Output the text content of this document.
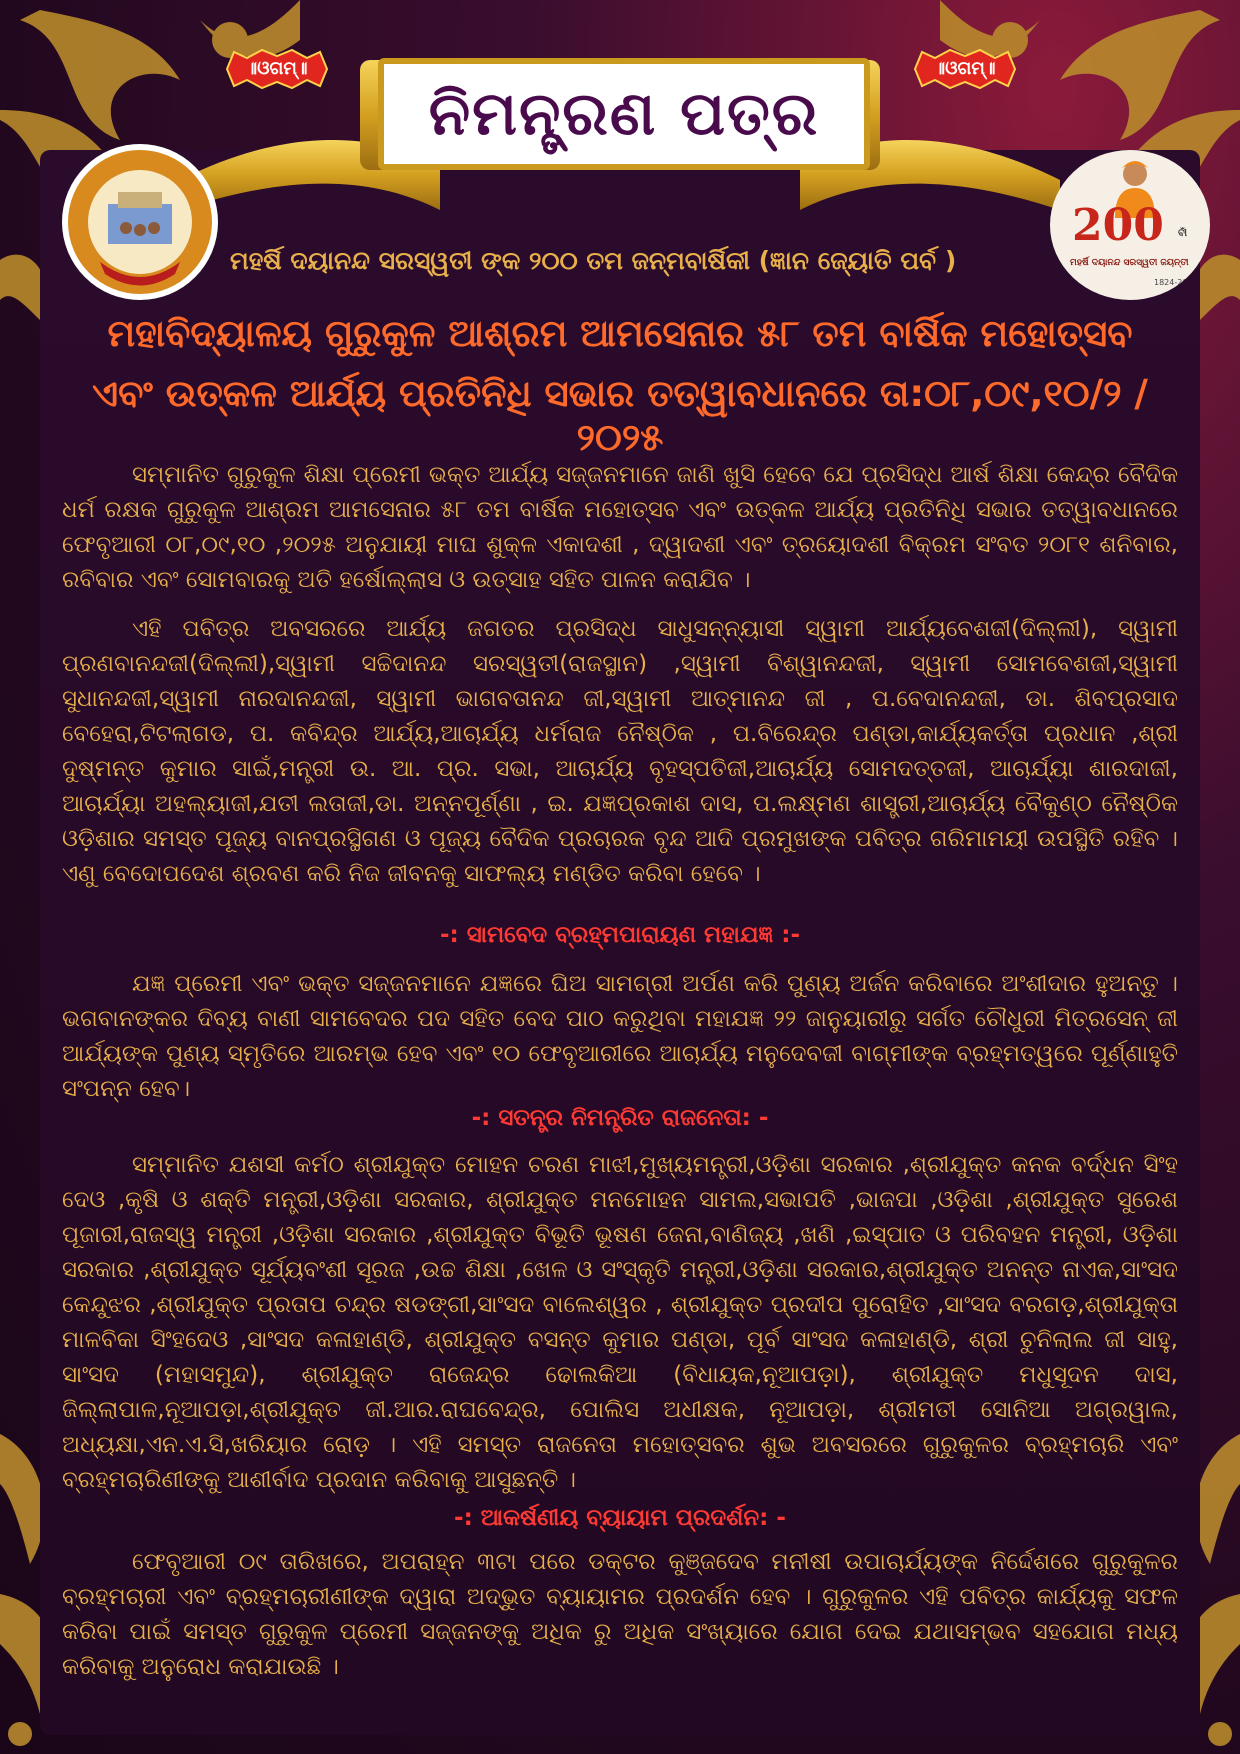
ନିମନ୍ତ୍ରଣ ପତ୍ର
॥ଓଗମ୍॥	॥ଓଗମ୍॥
200 ବୀଁ
ମହର୍ଷି ଦୟାନନ୍ଦ ସରସ୍ୱତୀ ଜୟନ୍ତୀ
1824-2024
ମହର୍ଷି ଦୟାନନ୍ଦ ସରସ୍ୱତୀ ଙ୍କ ୨୦୦ ତମ ଜନ୍ମବାର୍ଷିକୀ (ଜ୍ଞାନ ଜ୍ୟୋତି ପର୍ବ )
ମହାବିଦ୍ୟାଳୟ ଗୁରୁକୁଳ ଆଶ୍ରମ ଆମସେନାର ୫୮ ତମ ବାର୍ଷିକ ମହୋତ୍ସବ
ଏବଂ ଉତ୍କଳ ଆର୍ଯ୍ୟ ପ୍ରତିନିଧି ସଭାର ତତ୍ୱାବଧାନରେ ତା:୦୮,୦୯,୧୦/୨ / ୨୦୨୫
ସମ୍ମାନିତ ଗୁରୁକୁଳ ଶିକ୍ଷା ପ୍ରେମୀ ଭକ୍ତ ଆର୍ଯ୍ୟ ସଜ୍ଜନମାନେ ଜାଣି ଖୁସି ହେବେ ଯେ ପ୍ରସିଦ୍ଧ ଆର୍ଷ ଶିକ୍ଷା କେନ୍ଦ୍ର ବୈଦିକ ଧର୍ମ ରକ୍ଷକ ଗୁରୁକୁଳ ଆଶ୍ରମ ଆମସେନାର ୫୮ ତମ ବାର୍ଷିକ ମହୋତ୍ସବ ଏବଂ ଉତ୍କଳ ଆର୍ଯ୍ୟ ପ୍ରତିନିଧି ସଭାର ତତ୍ୱାବଧାନରେ ଫେବୃଆରୀ ୦୮,୦୯,୧୦ ,୨୦୨୫ ଅନୁଯାୟୀ ମାଘ ଶୁକ୍ଳ ଏକାଦଶୀ , ଦ୍ୱାଦଶୀ ଏବଂ ତ୍ରୟୋଦଶୀ ବିକ୍ରମ ସଂବତ ୨୦୮୧ ଶନିବାର, ରବିବାର ଏବଂ ସୋମବାରକୁ ଅତି ହର୍ଷୋଲ୍ଲାସ ଓ ଉତ୍ସାହ ସହିତ ପାଳନ କରାଯିବ ।
ଏହି ପବିତ୍ର ଅବସରରେ ଆର୍ଯ୍ୟ ଜଗତର ପ୍ରସିଦ୍ଧ ସାଧୁସନ୍ନ୍ୟାସୀ ସ୍ୱାମୀ ଆର୍ଯ୍ୟବେଶଜୀ(ଦିଲ୍ଲୀ), ସ୍ୱାମୀ ପ୍ରଣବାନନ୍ଦଜୀ(ଦିଲ୍ଲୀ),ସ୍ୱାମୀ ସଚ୍ଚିଦାନନ୍ଦ ସରସ୍ୱତୀ(ରାଜସ୍ଥାନ) ,ସ୍ୱାମୀ ବିଶ୍ୱାନନ୍ଦଜୀ, ସ୍ୱାମୀ ସୋମବେଶଜୀ,ସ୍ୱାମୀ ସୁଧାନନ୍ଦଜୀ,ସ୍ୱାମୀ ନାରଦାନନ୍ଦଜୀ, ସ୍ୱାମୀ ଭାଗବତାନନ୍ଦ ଜୀ,ସ୍ୱାମୀ ଆତ୍ମାନନ୍ଦ ଜୀ , ପ.ବେଦାନନ୍ଦଜୀ, ଡା. ଶିବପ୍ରସାଦ ବେହେରା,ଟିଟଲାଗଡ, ପ. କବିନ୍ଦ୍ର ଆର୍ଯ୍ୟ,ଆଚାର୍ଯ୍ୟ ଧର୍ମରାଜ ନୈଷ୍ଠିକ , ପ.ବିରେନ୍ଦ୍ର ପଣ୍ଡା,କାର୍ଯ୍ୟକର୍ତ୍ତା ପ୍ରଧାନ ,ଶ୍ରୀ ଦୁଷ୍ମନ୍ତ କୁମାର ସାଇଁ,ମନ୍ତ୍ରୀ ଉ. ଆ. ପ୍ର. ସଭା, ଆଚାର୍ଯ୍ୟ ବୃହସ୍ପତିଜୀ,ଆଚାର୍ଯ୍ୟ ସୋମଦତ୍ତଜୀ, ଆଚାର୍ଯ୍ୟା ଶାରଦାଜୀ, ଆଚାର୍ଯ୍ୟା ଅହଲ୍ୟାଜୀ,ଯତୀ ଲତାଜୀ,ଡା. ଅନ୍ନପୂର୍ଣ୍ଣା , ଇ. ଯଜ୍ଞପ୍ରକାଶ ଦାସ, ପ.ଲକ୍ଷ୍ମଣ ଶାସ୍ତ୍ରୀ,ଆଚାର୍ଯ୍ୟ ବୈକୁଣ୍ଠ ନୈଷ୍ଠିକ ଓଡ଼ିଶାର ସମସ୍ତ ପୂଜ୍ୟ ବାନପ୍ରସ୍ଥିଗଣ ଓ ପୂଜ୍ୟ ବୈଦିକ ପ୍ରଚାରକ ବୃନ୍ଦ ଆଦି ପ୍ରମୁଖଙ୍କ ପବିତ୍ର ଗରିମାମୟୀ ଉପସ୍ଥିତି ରହିବ । ଏଣୁ ବେଦୋପଦେଶ ଶ୍ରବଣ କରି ନିଜ ଜୀବନକୁ ସାଫଲ୍ୟ ମଣ୍ଡିତ କରିବା ହେବେ ।
-: ସାମବେଦ ବ୍ରହ୍ମପାରାୟଣ ମହାଯଜ୍ଞ :-
ଯଜ୍ଞ ପ୍ରେମୀ ଏବଂ ଭକ୍ତ ସଜ୍ଜନମାନେ ଯଜ୍ଞରେ ଘିଅ ସାମଗ୍ରୀ ଅର୍ପଣ କରି ପୁଣ୍ୟ ଅର୍ଜନ କରିବାରେ ଅଂଶୀଦାର ହୁଅନ୍ତୁ । ଭଗବାନଙ୍କର ଦିବ୍ୟ ବାଣୀ ସାମବେଦର ପଦ ସହିତ ବେଦ ପାଠ କରୁଥିବା ମହାଯଜ୍ଞ ୨୨ ଜାନୁୟାରୀରୁ ସର୍ଗତ ଚୌଧୁରୀ ମିତ୍ରସେନ୍ ଜୀ ଆର୍ଯ୍ୟଙ୍କ ପୁଣ୍ୟ ସ୍ମୃତିରେ ଆରମ୍ଭ ହେବ ଏବଂ ୧୦ ଫେବୃଆରୀରେ ଆଚାର୍ଯ୍ୟ ମନୁଦେବଜୀ ବାଗ୍ମୀଙ୍କ ବ୍ରହ୍ମତ୍ୱରେ ପୂର୍ଣ୍ଣାହୁତି ସଂପନ୍ନ ହେବ।
-: ସତନ୍ତ୍ର ନିମନ୍ତ୍ରିତ ରାଜନେତା: -
ସମ୍ମାନିତ ଯଶସୀ କର୍ମଠ ଶ୍ରୀଯୁକ୍ତ ମୋହନ ଚରଣ ମାଝୀ,ମୁଖ୍ୟମନ୍ତ୍ରୀ,ଓଡ଼ିଶା ସରକାର ,ଶ୍ରୀଯୁକ୍ତ କନକ ବର୍ଦ୍ଧନ ସିଂହ ଦେଓ ,କୃଷି ଓ ଶକ୍ତି ମନ୍ତ୍ରୀ,ଓଡ଼ିଶା ସରକାର, ଶ୍ରୀଯୁକ୍ତ ମନମୋହନ ସାମଲ,ସଭାପତି ,ଭାଜପା ,ଓଡ଼ିଶା ,ଶ୍ରୀଯୁକ୍ତ ସୁରେଶ ପୂଜାରୀ,ରାଜସ୍ୱ ମନ୍ତ୍ରୀ ,ଓଡ଼ିଶା ସରକାର ,ଶ୍ରୀଯୁକ୍ତ ବିଭୂତି ଭୂଷଣ ଜେନା,ବାଣିଜ୍ୟ ,ଖଣି ,ଇସ୍ପାତ ଓ ପରିବହନ ମନ୍ତ୍ରୀ, ଓଡ଼ିଶା ସରକାର ,ଶ୍ରୀଯୁକ୍ତ ସୂର୍ଯ୍ୟବଂଶୀ ସୂରଜ ,ଉଚ୍ଚ ଶିକ୍ଷା ,ଖେଳ ଓ ସଂସ୍କୃତି ମନ୍ତ୍ରୀ,ଓଡ଼ିଶା ସରକାର,ଶ୍ରୀଯୁକ୍ତ ଅନନ୍ତ ନାଏକ,ସାଂସଦ କେନ୍ଦୁଝର ,ଶ୍ରୀଯୁକ୍ତ ପ୍ରତାପ ଚନ୍ଦ୍ର ଷଡଙ୍ଗୀ,ସାଂସଦ ବାଲେଶ୍ୱର , ଶ୍ରୀଯୁକ୍ତ ପ୍ରଦୀପ ପୁରୋହିତ ,ସାଂସଦ ବରଗଡ଼,ଶ୍ରୀଯୁକ୍ତା ମାଳବିକା ସିଂହଦେଓ ,ସାଂସଦ କଳାହାଣ୍ଡି, ଶ୍ରୀଯୁକ୍ତ ବସନ୍ତ କୁମାର ପଣ୍ଡା, ପୂର୍ବ ସାଂସଦ କଳାହାଣ୍ଡି, ଶ୍ରୀ ଚୁନିଲାଲ ଜୀ ସାହୁ, ସାଂସଦ (ମହାସମୁନ୍ଦ), ଶ୍ରୀଯୁକ୍ତ ରାଜେନ୍ଦ୍ର ଢୋଲକିଆ (ବିଧାୟକ,ନୂଆପଡ଼ା), ଶ୍ରୀଯୁକ୍ତ ମଧୁସୂଦନ ଦାସ, ଜିଲ୍ଲାପାଳ,ନୂଆପଡ଼ା,ଶ୍ରୀଯୁକ୍ତ ଜୀ.ଆର.ରାଘବେନ୍ଦ୍ର, ପୋଲିସ ଅଧୀକ୍ଷକ, ନୂଆପଡ଼ା, ଶ୍ରୀମତୀ ସୋନିଆ ଅଗ୍ରୱାଲ, ଅଧ୍ୟକ୍ଷା,ଏନ.ଏ.ସି,ଖରିୟାର ରୋଡ଼ । ଏହି ସମସ୍ତ ରାଜନେତା ମହୋତ୍ସବର ଶୁଭ ଅବସରରେ ଗୁରୁକୁଳର ବ୍ରହ୍ମଚାରି ଏବଂ ବ୍ରହ୍ମଚାରିଣୀଙ୍କୁ ଆଶୀର୍ବାଦ ପ୍ରଦାନ କରିବାକୁ ଆସୁଛନ୍ତି ।
-: ଆକର୍ଷଣୀୟ ବ୍ୟାୟାମ ପ୍ରଦର୍ଶନ: -
ଫେବୃଆରୀ ୦୯ ତାରିଖରେ, ଅପରାହ୍ନ ୩ଟା ପରେ ଡକ୍ଟର କୁଞ୍ଜଦେବ ମନୀଷୀ ଉପାଚାର୍ଯ୍ୟଙ୍କ ନିର୍ଦ୍ଦେଶରେ ଗୁରୁକୁଳର ବ୍ରହ୍ମଚାରୀ ଏବଂ ବ୍ରହ୍ମଚାରୀଣୀଙ୍କ ଦ୍ୱାରା ଅଦ୍ଭୁତ ବ୍ୟାୟାମର ପ୍ରଦର୍ଶନ ହେବ । ଗୁରୁକୁଳର ଏହି ପବିତ୍ର କାର୍ଯ୍ୟକୁ ସଫଳ କରିବା ପାଇଁ ସମସ୍ତ ଗୁରୁକୁଳ ପ୍ରେମୀ ସଜ୍ଜନଙ୍କୁ ଅଧିକ ରୁ ଅଧିକ ସଂଖ୍ୟାରେ ଯୋଗ ଦେଇ ଯଥାସମ୍ଭବ ସହଯୋଗ ମଧ୍ୟ କରିବାକୁ ଅନୁରୋଧ କରାଯାଉଛି ।
